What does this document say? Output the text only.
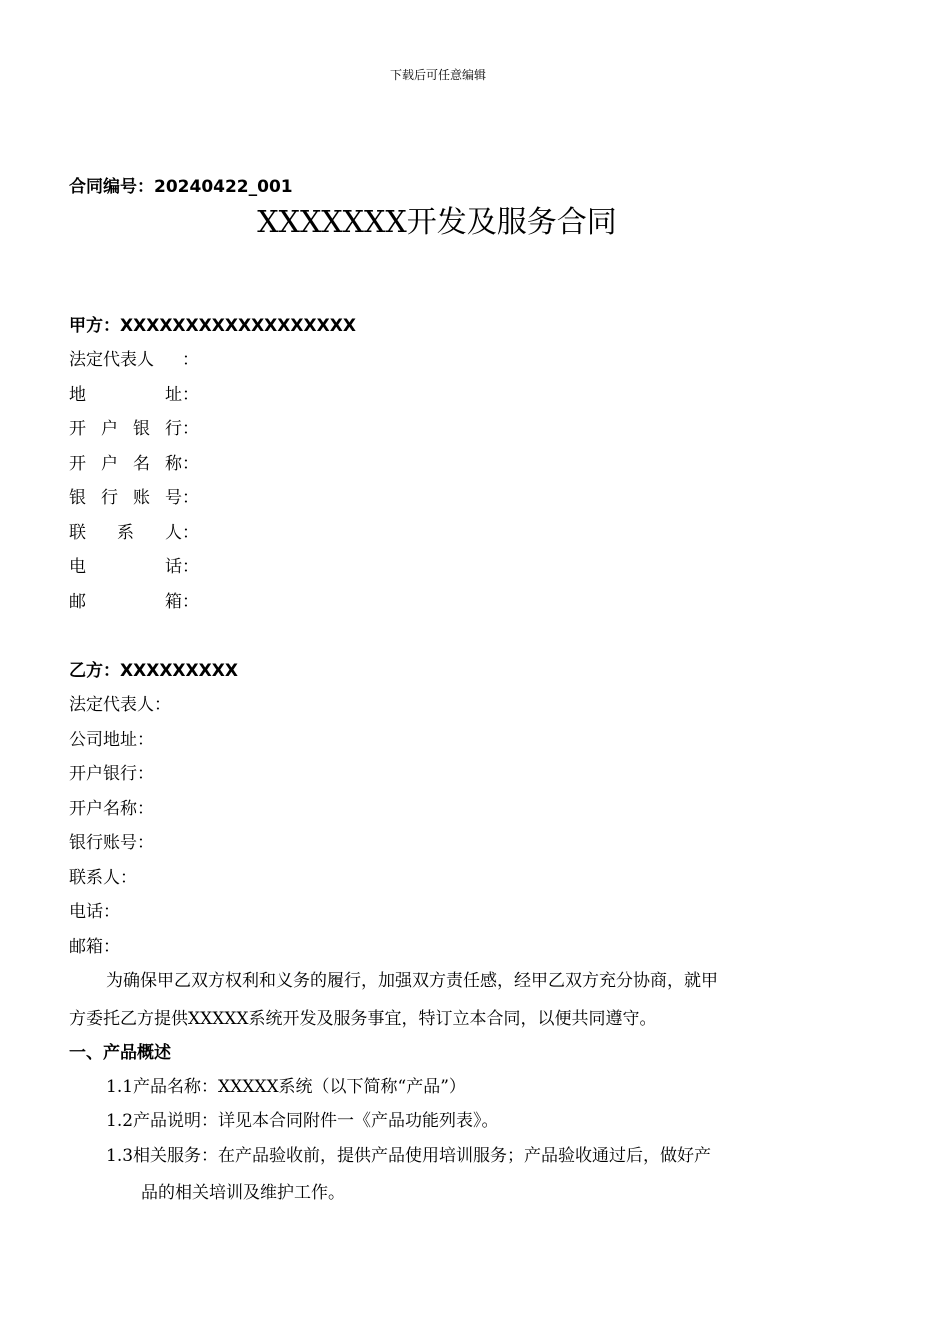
下载后可任意编辑
合同编号：20240422_001
XXXXXXX开发及服务合同
甲方：XXXXXXXXXXXXXXXXXX
法定代表人 ：
地	址 ：
开 户 银 行 ：
开 户 名 称 ：
银 行 账 号 ：
联 系 人 ：
电	话 ：
邮	箱 ：
乙方：XXXXXXXXX
法定代表人：
公司地址：
开户银行：
开户名称：
银行账号：
联系人：
电话：
邮箱：
为确保甲乙双方权利和义务的履行，加强双方责任感，经甲乙双方充分协商，就甲
方委托乙方提供XXXXX系统开发及服务事宜，特订立本合同，以便共同遵守。
一、产品概述
1.1产品名称：XXXXX系统（以下简称“产品”）
1.2产品说明：详见本合同附件一《产品功能列表》。
1.3相关服务：在产品验收前，提供产品使用培训服务；产品验收通过后，做好产
品的相关培训及维护工作。
